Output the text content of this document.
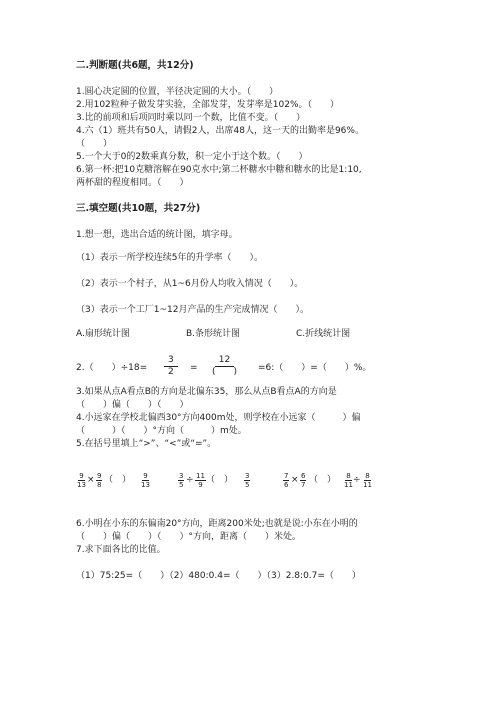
二.判断题(共6题，共12分)
1.圆心决定圆的位置，半径决定圆的大小。（　　）
2.用102粒种子做发芽实验，全部发芽，发芽率是102%。（　　）
3.比的前项和后项同时乘以同一个数，比值不变。（　　）
4.六（1）班共有50人，请假2人，出席48人，这一天的出勤率是96%。
（　　）
5.一个大于0的2数乘真分数，积一定小于这个数。（　　）
6.第一杯:把10克糖溶解在90克水中;第二杯糖水中糖和糖水的比是1:10,
两杯甜的程度相同。（　　）
三.填空题(共10题，共27分)
1.想一想，选出合适的统计图，填字母。
（1）表示一所学校连续5年的升学率（　　）。
（2）表示一个村子，从1~6月份人均收入情况（　　）。
（3）表示一个工厂1~12月产品的生产完成情况（　　）。
A.扇形统计图	B.条形统计图	C.折线统计图
2.（　　）$\div 18= \frac{3}{2}$ =
12
(　　) =6:（　　）=（　　）%。
3.如果从点A看点B的方向是北偏东35，那么从点B看点A的方向是
（　　）偏（　　）（　　）
4.小远家在学校北偏西30°方向400m处，则学校在小远家（　　　）偏
（　　　）（　　）°方向（　　　）m处。
5.在括号里填上“>”、“<”或“=”。
$\frac{9}{13} \times \frac{9}{8}$ （　） $\frac{9}{13}$	$\frac{3}{5} \div \frac{11}{9}$ （　） $\frac{3}{5}$	$\frac{7}{6} \times \frac{6}{7}$ （　） $\frac{8}{11} \div \frac{8}{11}$
6.小明在小东的东偏南20°方向，距离200米处;也就是说:小东在小明的
（　　）偏（　　）（　　）°方向，距离（　　）米处。
7.求下面各比的比值。
（1）75:25=（　　）（2）480:0.4=（　　）（3）2.8:0.7=（　　）
